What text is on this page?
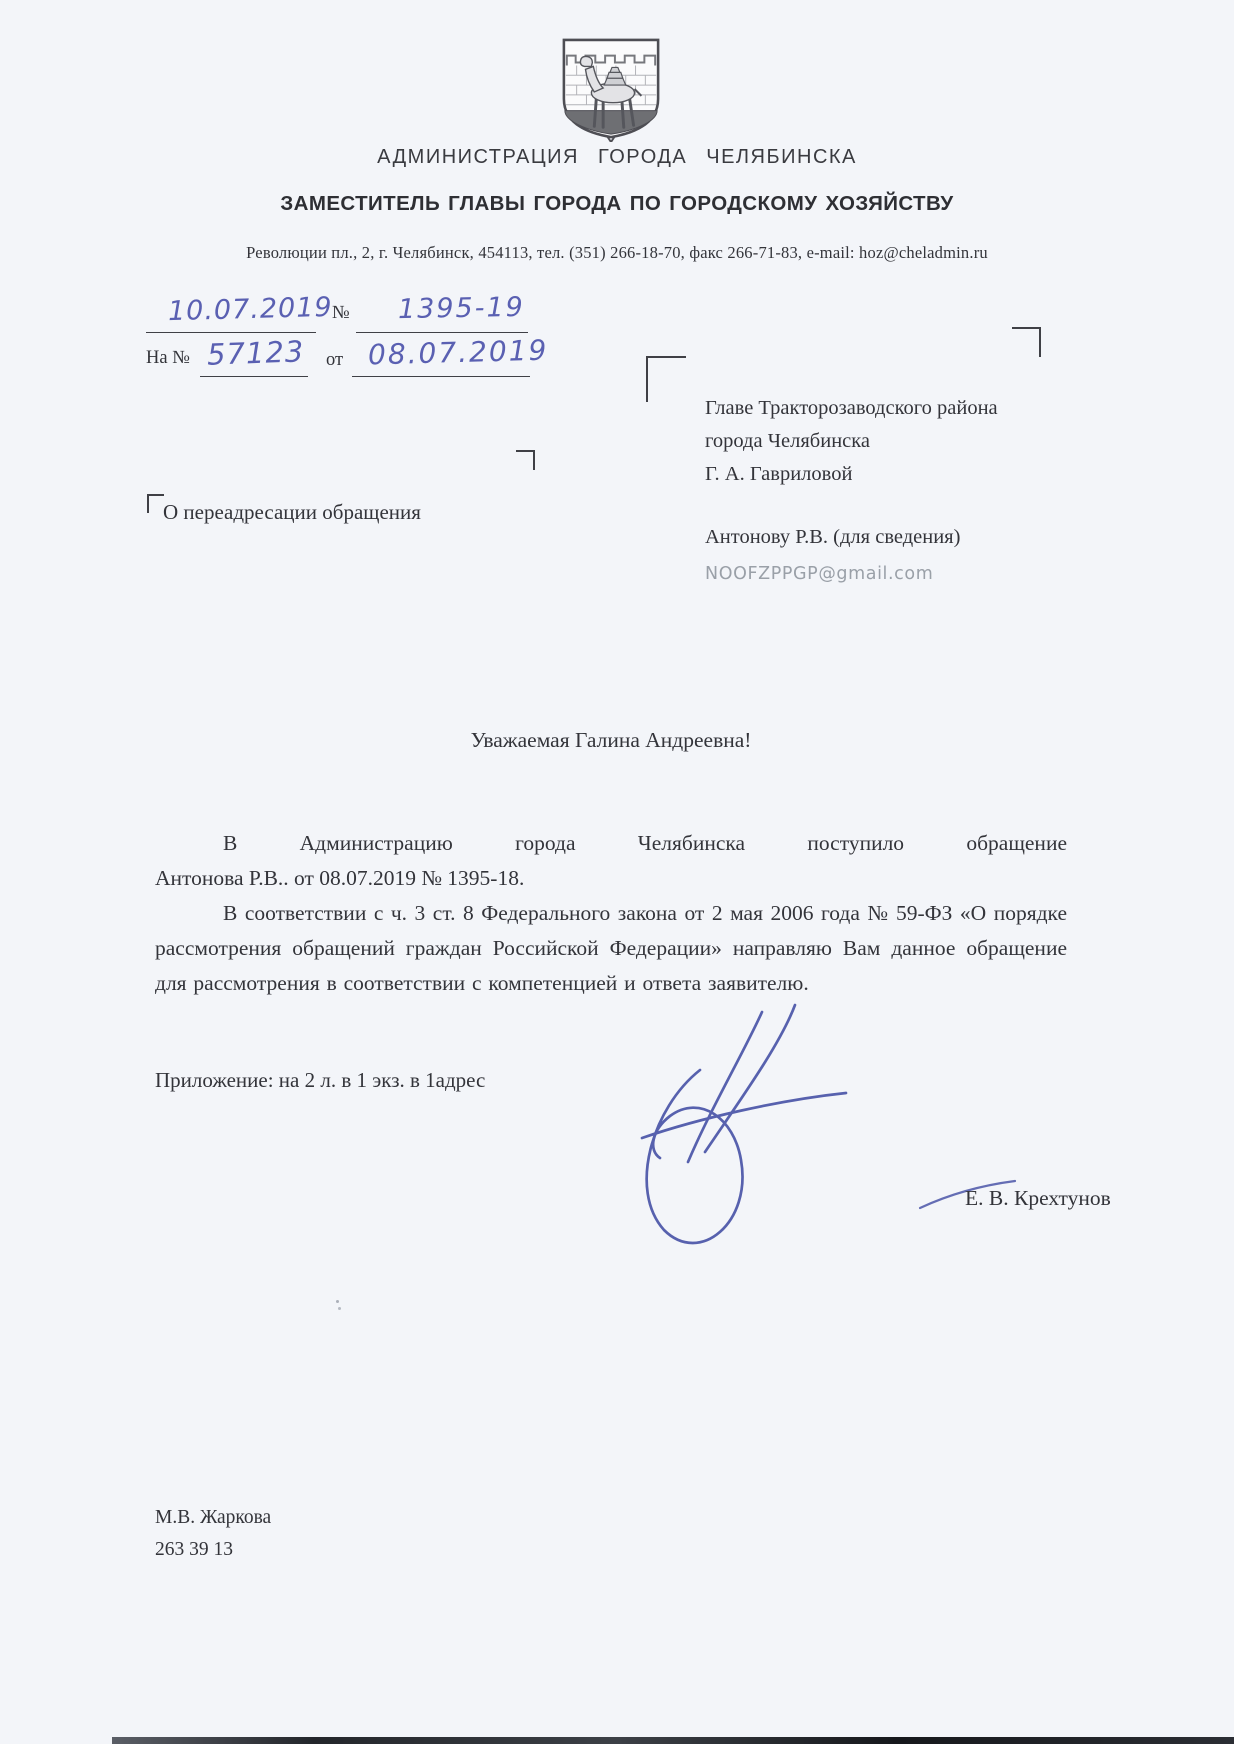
АДМИНИСТРАЦИЯ ГОРОДА ЧЕЛЯБИНСКА
ЗАМЕСТИТЕЛЬ ГЛАВЫ ГОРОДА ПО ГОРОДСКОМУ ХОЗЯЙСТВУ
Революции пл., 2, г. Челябинск, 454113, тел. (351) 266-18-70, факс 266-71-83, e-mail: hoz@cheladmin.ru
10.07.2019 № 1395-19
На № 57123 от 08.07.2019
Главе Тракторозаводского района
города Челябинска
Г. А. Гавриловой
Антонову Р.В. (для сведения)
NOOFZPPGP@gmail.com
О переадресации обращения
Уважаемая Галина Андреевна!
В Администрацию города Челябинска поступило обращение
Антонова Р.В.. от 08.07.2019 № 1395-18.

В соответствии с ч. 3 ст. 8 Федерального закона от 2 мая 2006 года № 59-ФЗ «О порядке рассмотрения обращений граждан Российской Федерации» направляю Вам данное обращение для рассмотрения в соответствии с компетенцией и ответа заявителю.

Приложение: на 2 л. в 1 экз. в 1адрес
Е. В. Крехтунов
М.В. Жаркова
263 39 13
